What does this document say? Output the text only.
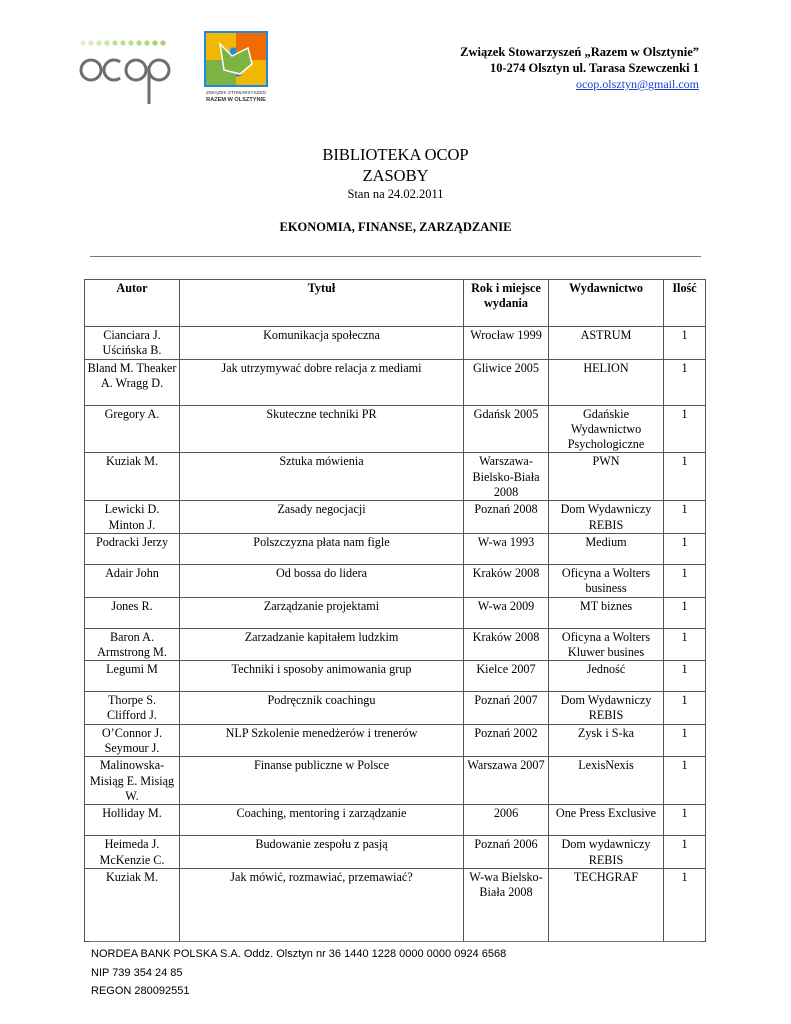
ZWIĄZEK STOWARZYSZEŃ
RAZEM W OLSZTYNIE
Związek Stowarzyszeń „Razem w Olsztynie”
10-274 Olsztyn ul. Tarasa Szewczenki 1
ocop.olsztyn@gmail.com
BIBLIOTEKA OCOP
ZASOBY
Stan na 24.02.2011
EKONOMIA, FINANSE, ZARZĄDZANIE
Autor	Tytuł	Rok i miejsce wydania	Wydawnictwo	Ilość
Cianciara J. Uścińska B.	Komunikacja społeczna	Wrocław 1999	ASTRUM	1
Bland M. Theaker A. Wragg D.	Jak utrzymywać dobre relacja z mediami	Gliwice 2005	HELION	1
Gregory A.	Skuteczne techniki PR	Gdańsk 2005	Gdańskie Wydawnictwo Psychologiczne	1
Kuziak M.	Sztuka mówienia	Warszawa-Bielsko-Biała 2008	PWN	1
Lewicki D. Minton J.	Zasady negocjacji	Poznań 2008	Dom Wydawniczy REBIS	1
Podracki Jerzy	Polszczyzna płata nam figle	W-wa 1993	Medium	1
Adair John	Od bossa do lidera	Kraków 2008	Oficyna a Wolters business	1
Jones R.	Zarządzanie projektami	W-wa 2009	MT biznes	1
Baron A. Armstrong M.	Zarzadzanie kapitałem ludzkim	Kraków 2008	Oficyna a Wolters Kluwer busines	1
Legumi M	Techniki i sposoby animowania grup	Kielce 2007	Jedność	1
Thorpe S. Clifford J.	Podręcznik coachingu	Poznań 2007	Dom Wydawniczy REBIS	1
O’Connor J. Seymour J.	NLP Szkolenie menedżerów i trenerów	Poznań 2002	Zysk i S-ka	1
Malinowska-Misiąg E. Misiąg W.	Finanse publiczne w Polsce	Warszawa 2007	LexisNexis	1
Holliday M.	Coaching, mentoring i zarządzanie	2006	One Press Exclusive	1
Heimeda J. McKenzie C.	Budowanie zespołu z pasją	Poznań 2006	Dom wydawniczy REBIS	1
Kuziak M.	Jak mówić, rozmawiać, przemawiać?	W-wa Bielsko-Biała 2008	TECHGRAF	1
NORDEA BANK POLSKA S.A. Oddz. Olsztyn nr 36 1440 1228 0000 0000 0924 6568
NIP 739 354 24 85
REGON 280092551
